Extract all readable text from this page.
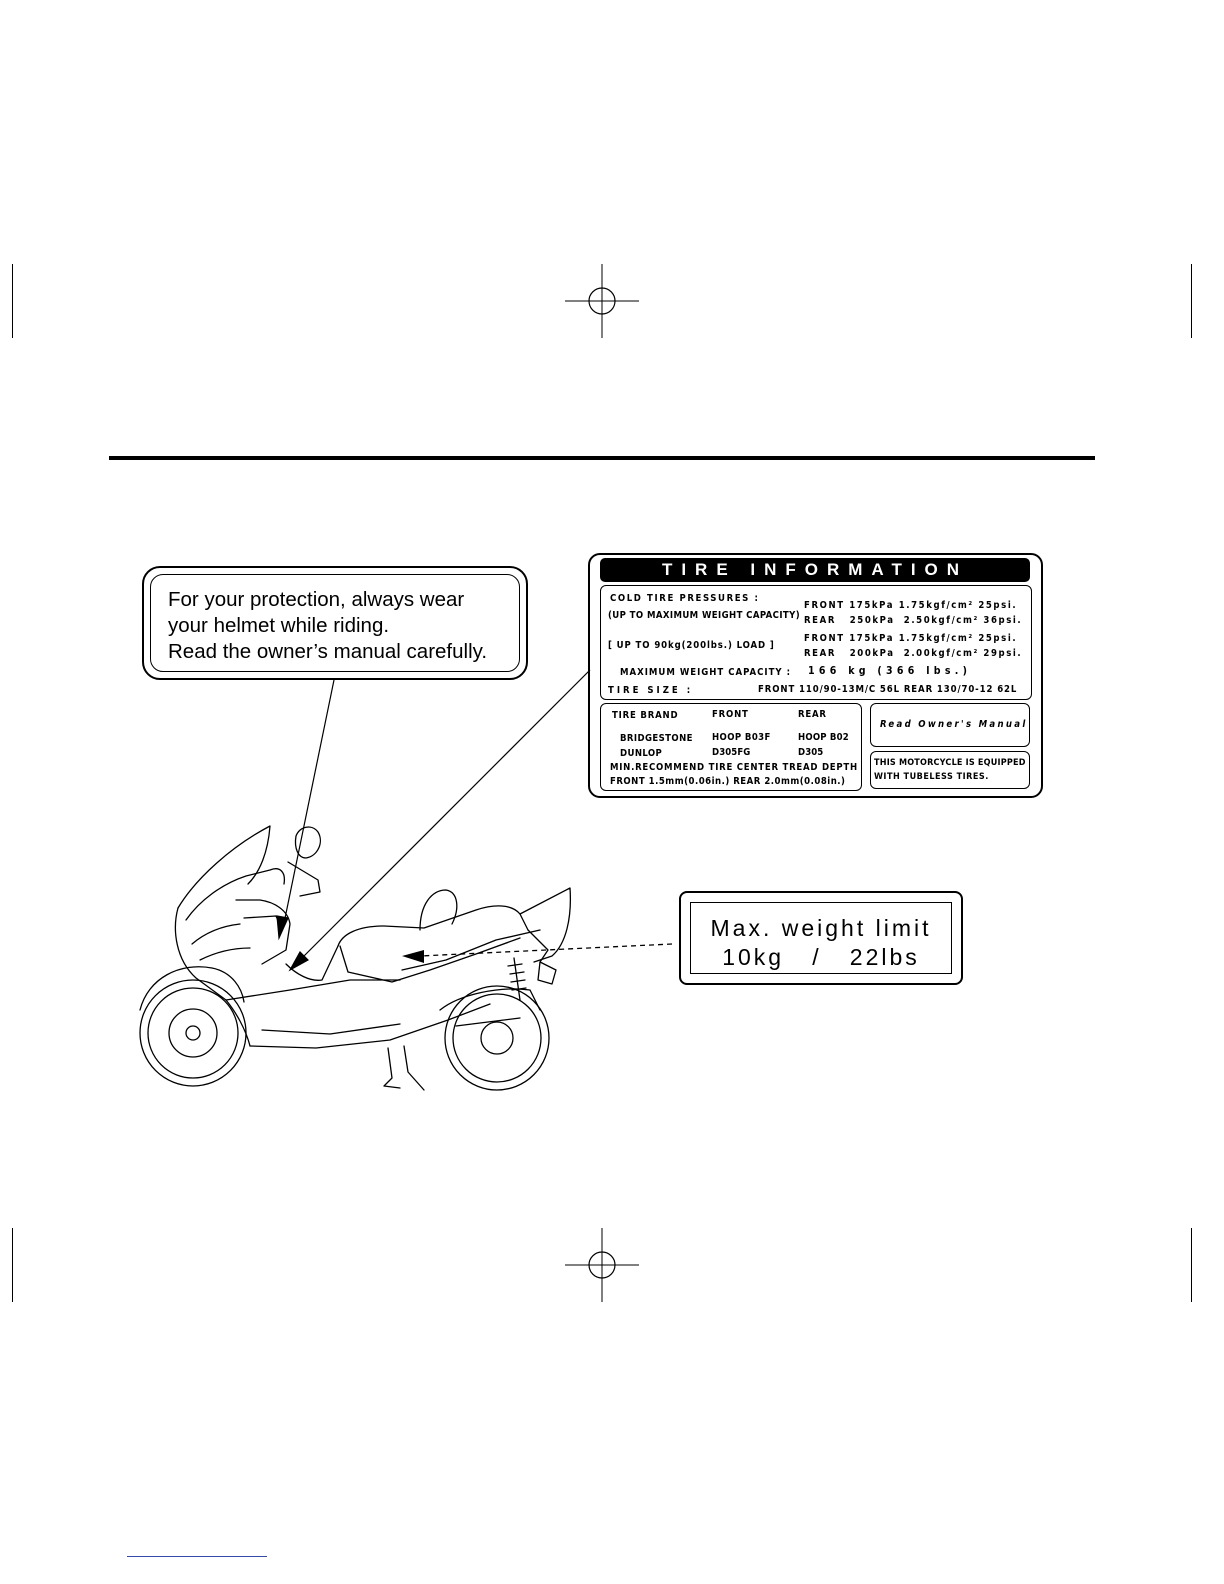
For your protection, always wear
your helmet while riding.
Read the owner’s manual carefully.
TIRE INFORMATION
COLD TIRE PRESSURES :
(UP TO MAXIMUM WEIGHT CAPACITY)
FRONT 175kPa 1.75kgf/cm² 25psi.
REAR   250kPa  2.50kgf/cm² 36psi.
[ UP TO 90kg(200lbs.) LOAD ]
FRONT 175kPa 1.75kgf/cm² 25psi.
REAR   200kPa  2.00kgf/cm² 29psi.
MAXIMUM WEIGHT CAPACITY : 166 kg (366 lbs.)
TIRE SIZE :	FRONT 110/90-13M/C 56L REAR 130/70-12 62L
TIRE BRAND	FRONT	REAR
BRIDGESTONE HOOP B03F	HOOP B02
DUNLOP	D305FG	D305
MIN.RECOMMEND TIRE CENTER TREAD DEPTH
FRONT 1.5mm(0.06in.) REAR 2.0mm(0.08in.)
Read Owner's Manual
THIS MOTORCYCLE IS EQUIPPED
WITH TUBELESS TIRES.
Max. weight limit
10kg   /   22lbs
